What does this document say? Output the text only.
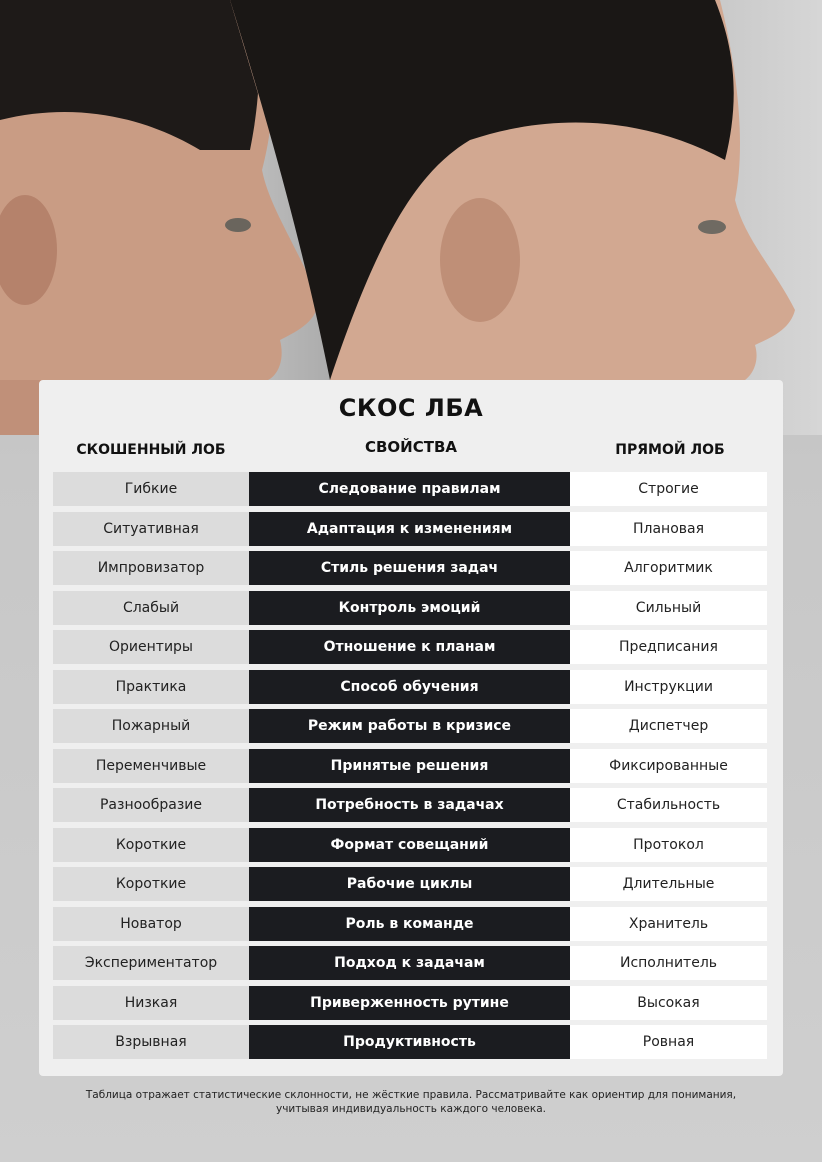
СКОС ЛБА
СКОШЕННЫЙ ЛОБ	СВОЙСТВА	ПРЯМОЙ ЛОБ
Гибкие	Следование правилам	Строгие
Ситуативная	Адаптация к изменениям	Плановая
Импровизатор	Стиль решения задач	Алгоритмик
Слабый	Контроль эмоций	Сильный
Ориентиры	Отношение к планам	Предписания
Практика	Способ обучения	Инструкции
Пожарный	Режим работы в кризисе	Диспетчер
Переменчивые	Принятые решения	Фиксированные
Разнообразие	Потребность в задачах	Стабильность
Короткие	Формат совещаний	Протокол
Короткие	Рабочие циклы	Длительные
Новатор	Роль в команде	Хранитель
Экспериментатор	Подход к задачам	Исполнитель
Низкая	Приверженность рутине	Высокая
Взрывная	Продуктивность	Ровная
Таблица отражает статистические склонности, не жёсткие правила. Рассматривайте как ориентир для понимания,
учитывая индивидуальность каждого человека.
